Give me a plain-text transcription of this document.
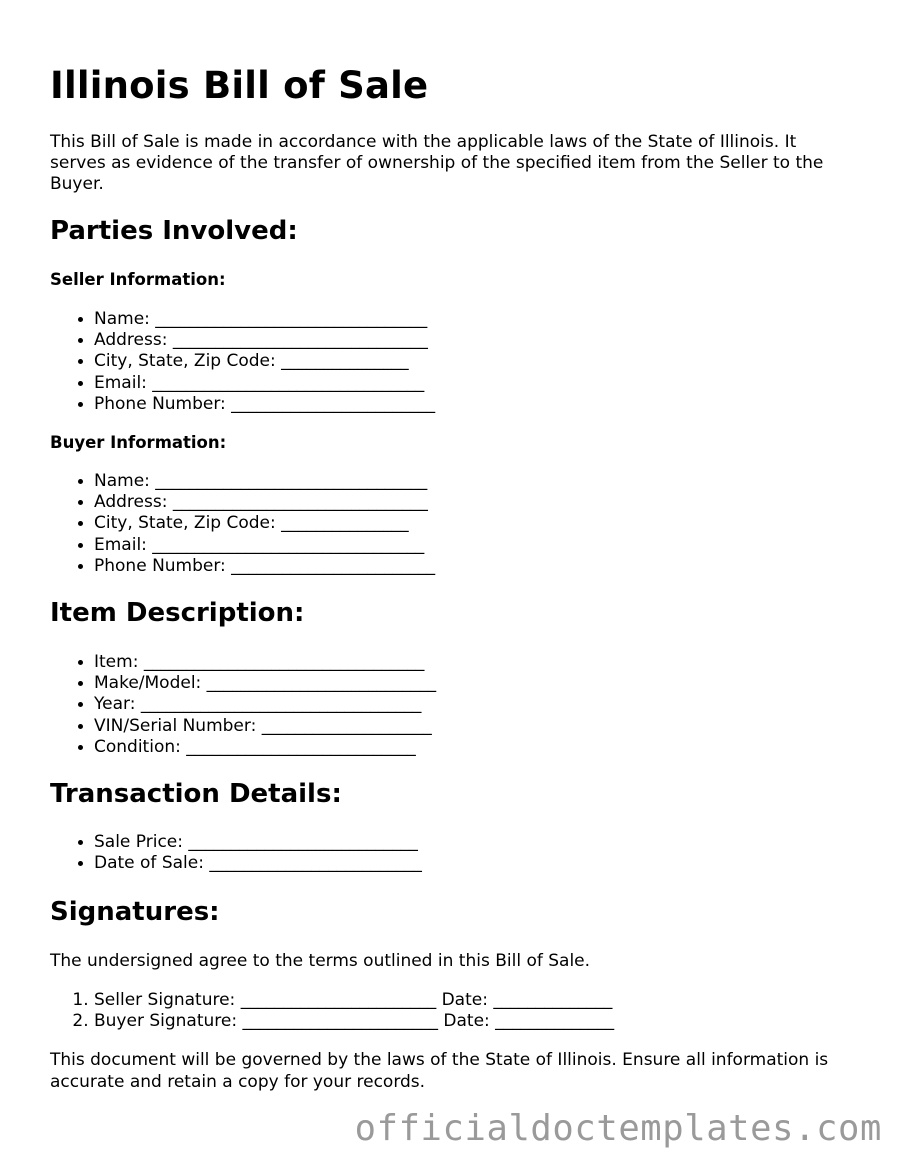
Illinois Bill of Sale

This Bill of Sale is made in accordance with the applicable laws of the State of Illinois. It serves as evidence of the transfer of ownership of the specified item from the Seller to the Buyer.

Parties Involved:
Seller Information:
• Name: ________________________________
• Address: ______________________________
• City, State, Zip Code: _______________
• Email: ________________________________
• Phone Number: ________________________
Buyer Information:
• Name: ________________________________
• Address: ______________________________
• City, State, Zip Code: _______________
• Email: ________________________________
• Phone Number: ________________________
Item Description:
• Item: _________________________________
• Make/Model: ___________________________
• Year: _________________________________
• VIN/Serial Number: ____________________
• Condition: ___________________________
Transaction Details:
• Sale Price: ___________________________
• Date of Sale: _________________________
Signatures:

The undersigned agree to the terms outlined in this Bill of Sale.

1. Seller Signature: _______________________ Date: ______________
2. Buyer Signature: _______________________ Date: ______________

This document will be governed by the laws of the State of Illinois. Ensure all information is accurate and retain a copy for your records.

officialdoctemplates.com
